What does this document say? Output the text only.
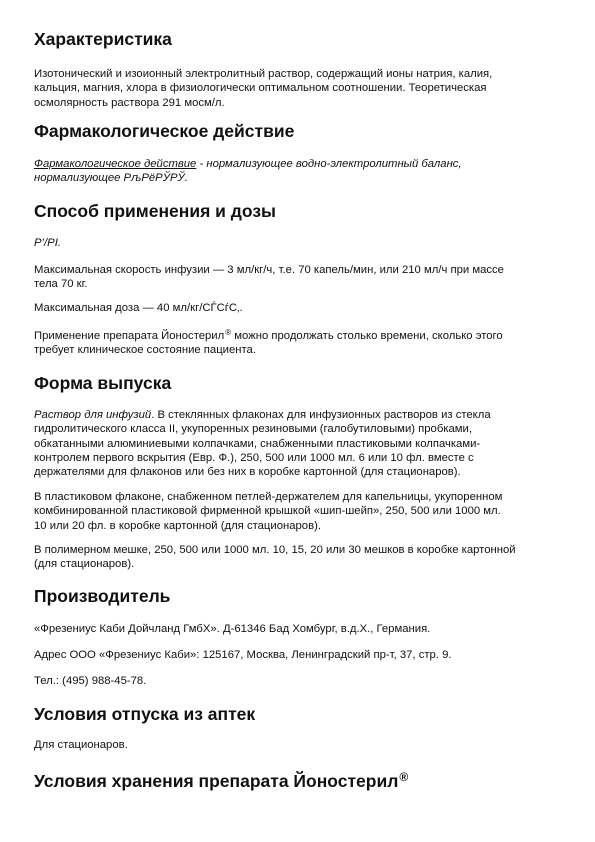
Характеристика
Изотонический и изоионный электролитный раствор, содержащий ионы натрия, калия,
кальция, магния, хлора в физиологически оптимальном соотношении. Теоретическая
осмолярность раствора 291 мосм/л.
Фармакологическое действие
Фармакологическое действие - нормализующее водно-электролитный баланс,
нормализующее РљРёРЎРЎ.
Способ применения и дозы
Р’/РІ.
Максимальная скорость инфузии — 3 мл/кг/ч, т.е. 70 капель/мин, или 210 мл/ч при массе
тела 70 кг.
Максимальная доза — 40 мл/кг/СЃСѓС‚.
Применение препарата Йоностерил® можно продолжать столько времени, сколько этого
требует клиническое состояние пациента.
Форма выпуска
Раствор для инфузий. В стеклянных флаконах для инфузионных растворов из стекла
гидролитического класса II, укупоренных резиновыми (галобутиловыми) пробками,
обкатанными алюминиевыми колпачками, снабженными пластиковыми колпачками-
контролем первого вскрытия (Евр. Ф.), 250, 500 или 1000 мл. 6 или 10 фл. вместе с
держателями для флаконов или без них в коробке картонной (для стационаров).
В пластиковом флаконе, снабженном петлей-держателем для капельницы, укупоренном
комбинированной пластиковой фирменной крышкой «шип-шейп», 250, 500 или 1000 мл.
10 или 20 фл. в коробке картонной (для стационаров).
В полимерном мешке, 250, 500 или 1000 мл. 10, 15, 20 или 30 мешков в коробке картонной
(для стационаров).
Производитель
«Фрезениус Каби Дойчланд ГмбХ». Д-61346 Бад Хомбург, в.д.Х., Германия.
Адрес ООО «Фрезениус Каби»: 125167, Москва, Ленинградский пр-т, 37, стр. 9.
Тел.: (495) 988-45-78.
Условия отпуска из аптек
Для стационаров.
Условия хранения препарата Йоностерил®
